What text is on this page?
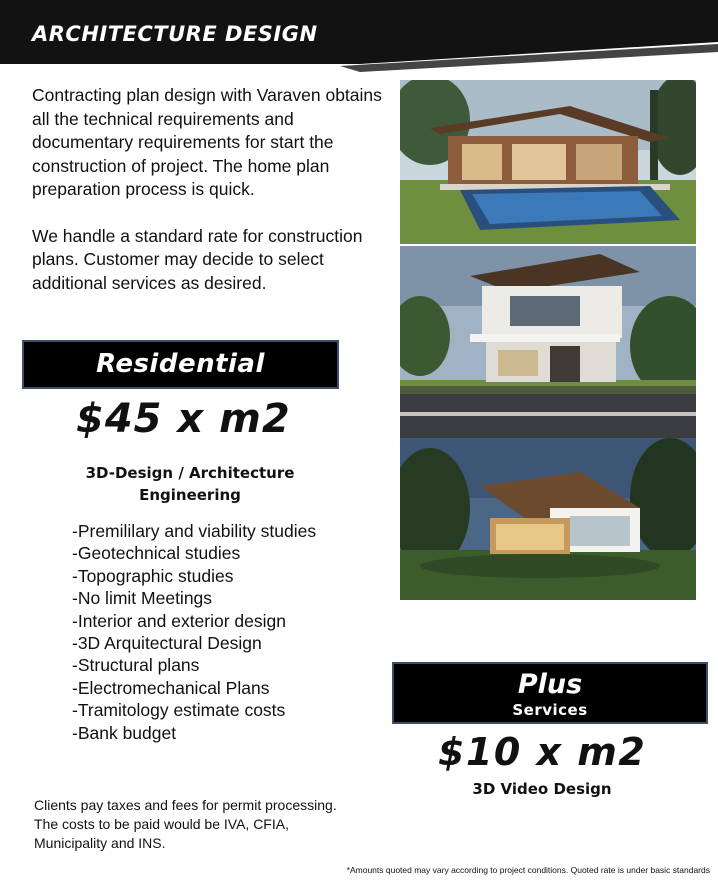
ARCHITECTURE DESIGN

Contracting plan design with Varaven obtains all the technical requirements and documentary requirements for start the construction of project. The home plan preparation process is quick.

We handle a standard rate for construction plans. Customer may decide to select additional services as desired.

Residential

$45 x m2

3D-Design / Architecture
Engineering

-Premililary and viability studies
-Geotechnical studies
-Topographic studies
-No limit Meetings
-Interior and exterior design
-3D Arquitectural Design
-Structural plans
-Electromechanical Plans
-Tramitology estimate costs
-Bank budget
Plus
Services

$10 x m2

3D Video Design

Clients pay taxes and fees for permit processing.
The costs to be paid would be IVA, CFIA,
Municipality and INS.

*Amounts quoted may vary according to project conditions. Quoted rate is under basic standards
